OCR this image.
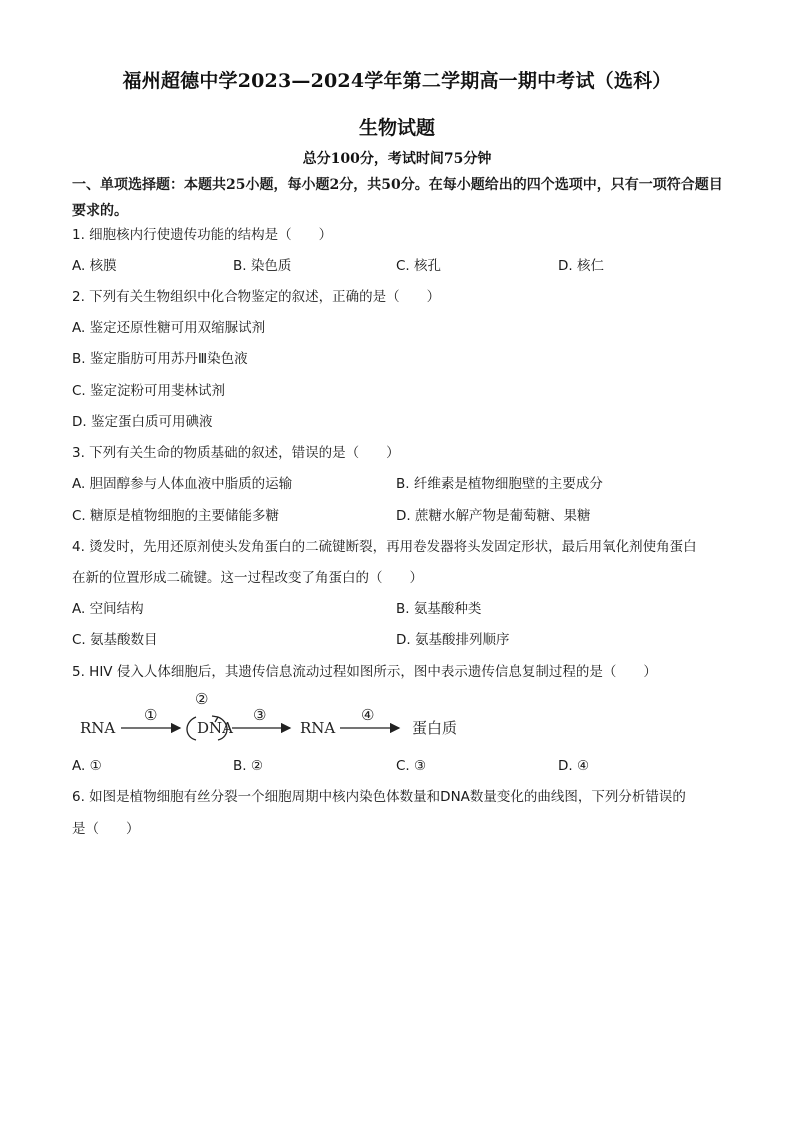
福州超德中学2023—2024学年第二学期高一期中考试（选科）
生物试题
总分100分，考试时间75分钟
一、单项选择题：本题共25小题，每小题2分，共50分。在每小题给出的四个选项中，只有一项符合题目要求的。
1. 细胞核内行使遗传功能的结构是（　　）
A. 核膜	B. 染色质	C. 核孔	D. 核仁
2. 下列有关生物组织中化合物鉴定的叙述，正确的是（　　）
A. 鉴定还原性糖可用双缩脲试剂
B. 鉴定脂肪可用苏丹Ⅲ染色液
C. 鉴定淀粉可用斐林试剂
D. 鉴定蛋白质可用碘液
3. 下列有关生命的物质基础的叙述，错误的是（　　）
A. 胆固醇参与人体血液中脂质的运输	B. 纤维素是植物细胞壁的主要成分
C. 糖原是植物细胞的主要储能多糖	D. 蔗糖水解产物是葡萄糖、果糖
4. 烫发时，先用还原剂使头发角蛋白的二硫键断裂，再用卷发器将头发固定形状，最后用氧化剂使角蛋白
在新的位置形成二硫键。这一过程改变了角蛋白的（　　）
A. 空间结构	B. 氨基酸种类
C. 氨基酸数目	D. 氨基酸排列顺序
5. HIV 侵入人体细胞后，其遗传信息流动过程如图所示，图中表示遗传信息复制过程的是（　　）
RNA	DNA	RNA	蛋白质
①
②
③	④
A. ①	B. ②	C. ③	D. ④
6. 如图是植物细胞有丝分裂一个细胞周期中核内染色体数量和DNA数量变化的曲线图，下列分析错误的
是（　　）
